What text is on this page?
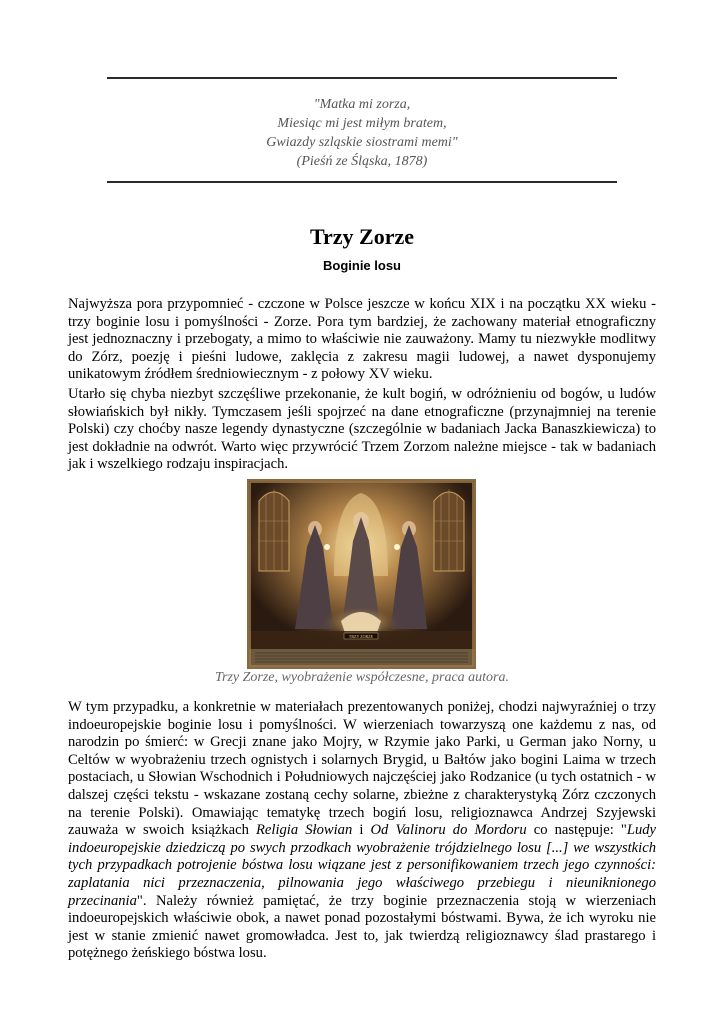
"Matka mi zorza,
Miesiąc mi jest miłym bratem,
Gwiazdy szląskie siostrami memi"
(Pieśń ze Śląska, 1878)
Trzy Zorze
Boginie losu

Najwyższa pora przypomnieć - czczone w Polsce jeszcze w końcu XIX i na początku XX wieku - trzy boginie losu i pomyślności - Zorze. Pora tym bardziej, że zachowany materiał etnograficzny jest jednoznaczny i przebogaty, a mimo to właściwie nie zauważony. Mamy tu niezwykłe modlitwy do Zórz, poezję i pieśni ludowe, zaklęcia z zakresu magii ludowej, a nawet dysponujemy unikatowym źródłem średniowiecznym - z połowy XV wieku.

Utarło się chyba niezbyt szczęśliwe przekonanie, że kult bogiń, w odróżnieniu od bogów, u ludów słowiańskich był nikły. Tymczasem jeśli spojrzeć na dane etnograficzne (przynajmniej na terenie Polski) czy choćby nasze legendy dynastyczne (szczególnie w badaniach Jacka Banaszkiewicza) to jest dokładnie na odwrót. Warto więc przywrócić Trzem Zorzom należne miejsce - tak w badaniach jak i wszelkiego rodzaju inspiracjach.

TRZY ZORZE
Trzy Zorze, wyobrażenie współczesne, praca autora.

W tym przypadku, a konkretnie w materiałach prezentowanych poniżej, chodzi najwyraźniej o trzy indoeuropejskie boginie losu i pomyślności. W wierzeniach towarzyszą one każdemu z nas, od narodzin po śmierć: w Grecji znane jako Mojry, w Rzymie jako Parki, u German jako Norny, u Celtów w wyobrażeniu trzech ognistych i solarnych Brygid, u Bałtów jako bogini Laima w trzech postaciach, u Słowian Wschodnich i Południowych najczęściej jako Rodzanice (u tych ostatnich - w dalszej części tekstu - wskazane zostaną cechy solarne, zbieżne z charakterystyką Zórz czczonych na terenie Polski). Omawiając tematykę trzech bogiń losu, religioznawca Andrzej Szyjewski zauważa w swoich książkach Religia Słowian i Od Valinoru do Mordoru co następuje: "Ludy indoeuropejskie dziedziczą po swych przodkach wyobrażenie trójdzielnego losu [...] we wszystkich tych przypadkach potrojenie bóstwa losu wiązane jest z personifikowaniem trzech jego czynności: zaplatania nici przeznaczenia, pilnowania jego właściwego przebiegu i nieuniknionego przecinania". Należy również pamiętać, że trzy boginie przeznaczenia stoją w wierzeniach indoeuropejskich właściwie obok, a nawet ponad pozostałymi bóstwami. Bywa, że ich wyroku nie jest w stanie zmienić nawet gromowładca. Jest to, jak twierdzą religioznawcy ślad prastarego i potężnego żeńskiego bóstwa losu.
